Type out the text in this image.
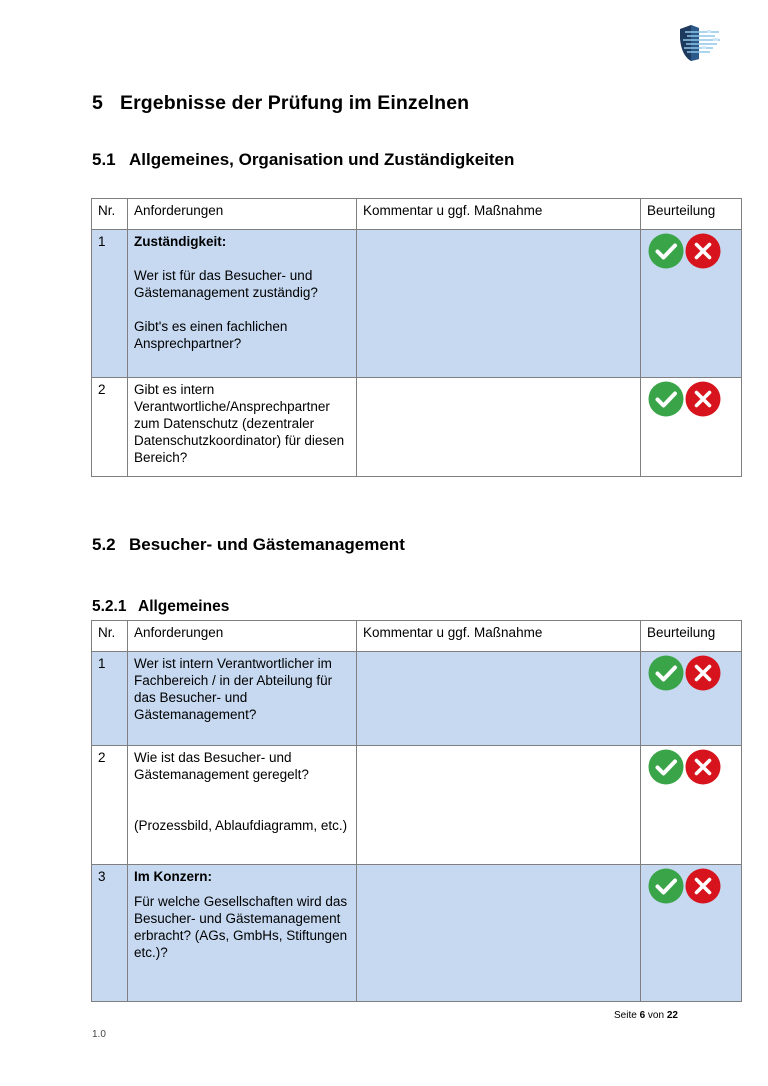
5 Ergebnisse der Prüfung im Einzelnen
5.1 Allgemeines, Organisation und Zuständigkeiten
Nr.	Anforderungen	Kommentar u ggf. Maßnahme	Beurteilung
1	Zuständigkeit:
Wer ist für das Besucher- und Gästemanagement zuständig?
Gibt's es einen fachlichen Ansprechpartner?

2	Gibt es intern Verantwortliche/Ansprechpartner zum Datenschutz (dezentraler Datenschutzkoordinator) für diesen Bereich?

5.2 Besucher- und Gästemanagement
5.2.1 Allgemeines
Nr.	Anforderungen	Kommentar u ggf. Maßnahme	Beurteilung
1	Wer ist intern Verantwortlicher im Fachbereich / in der Abteilung für das Besucher- und Gästemanagement?

2	Wie ist das Besucher- und Gästemanagement geregelt?
(Prozessbild, Ablaufdiagramm, etc.)

3	Im Konzern:
Für welche Gesellschaften wird das Besucher- und Gästemanagement erbracht? (AGs, GmbHs, Stiftungen etc.)?

Seite 6 von 22
1.0
